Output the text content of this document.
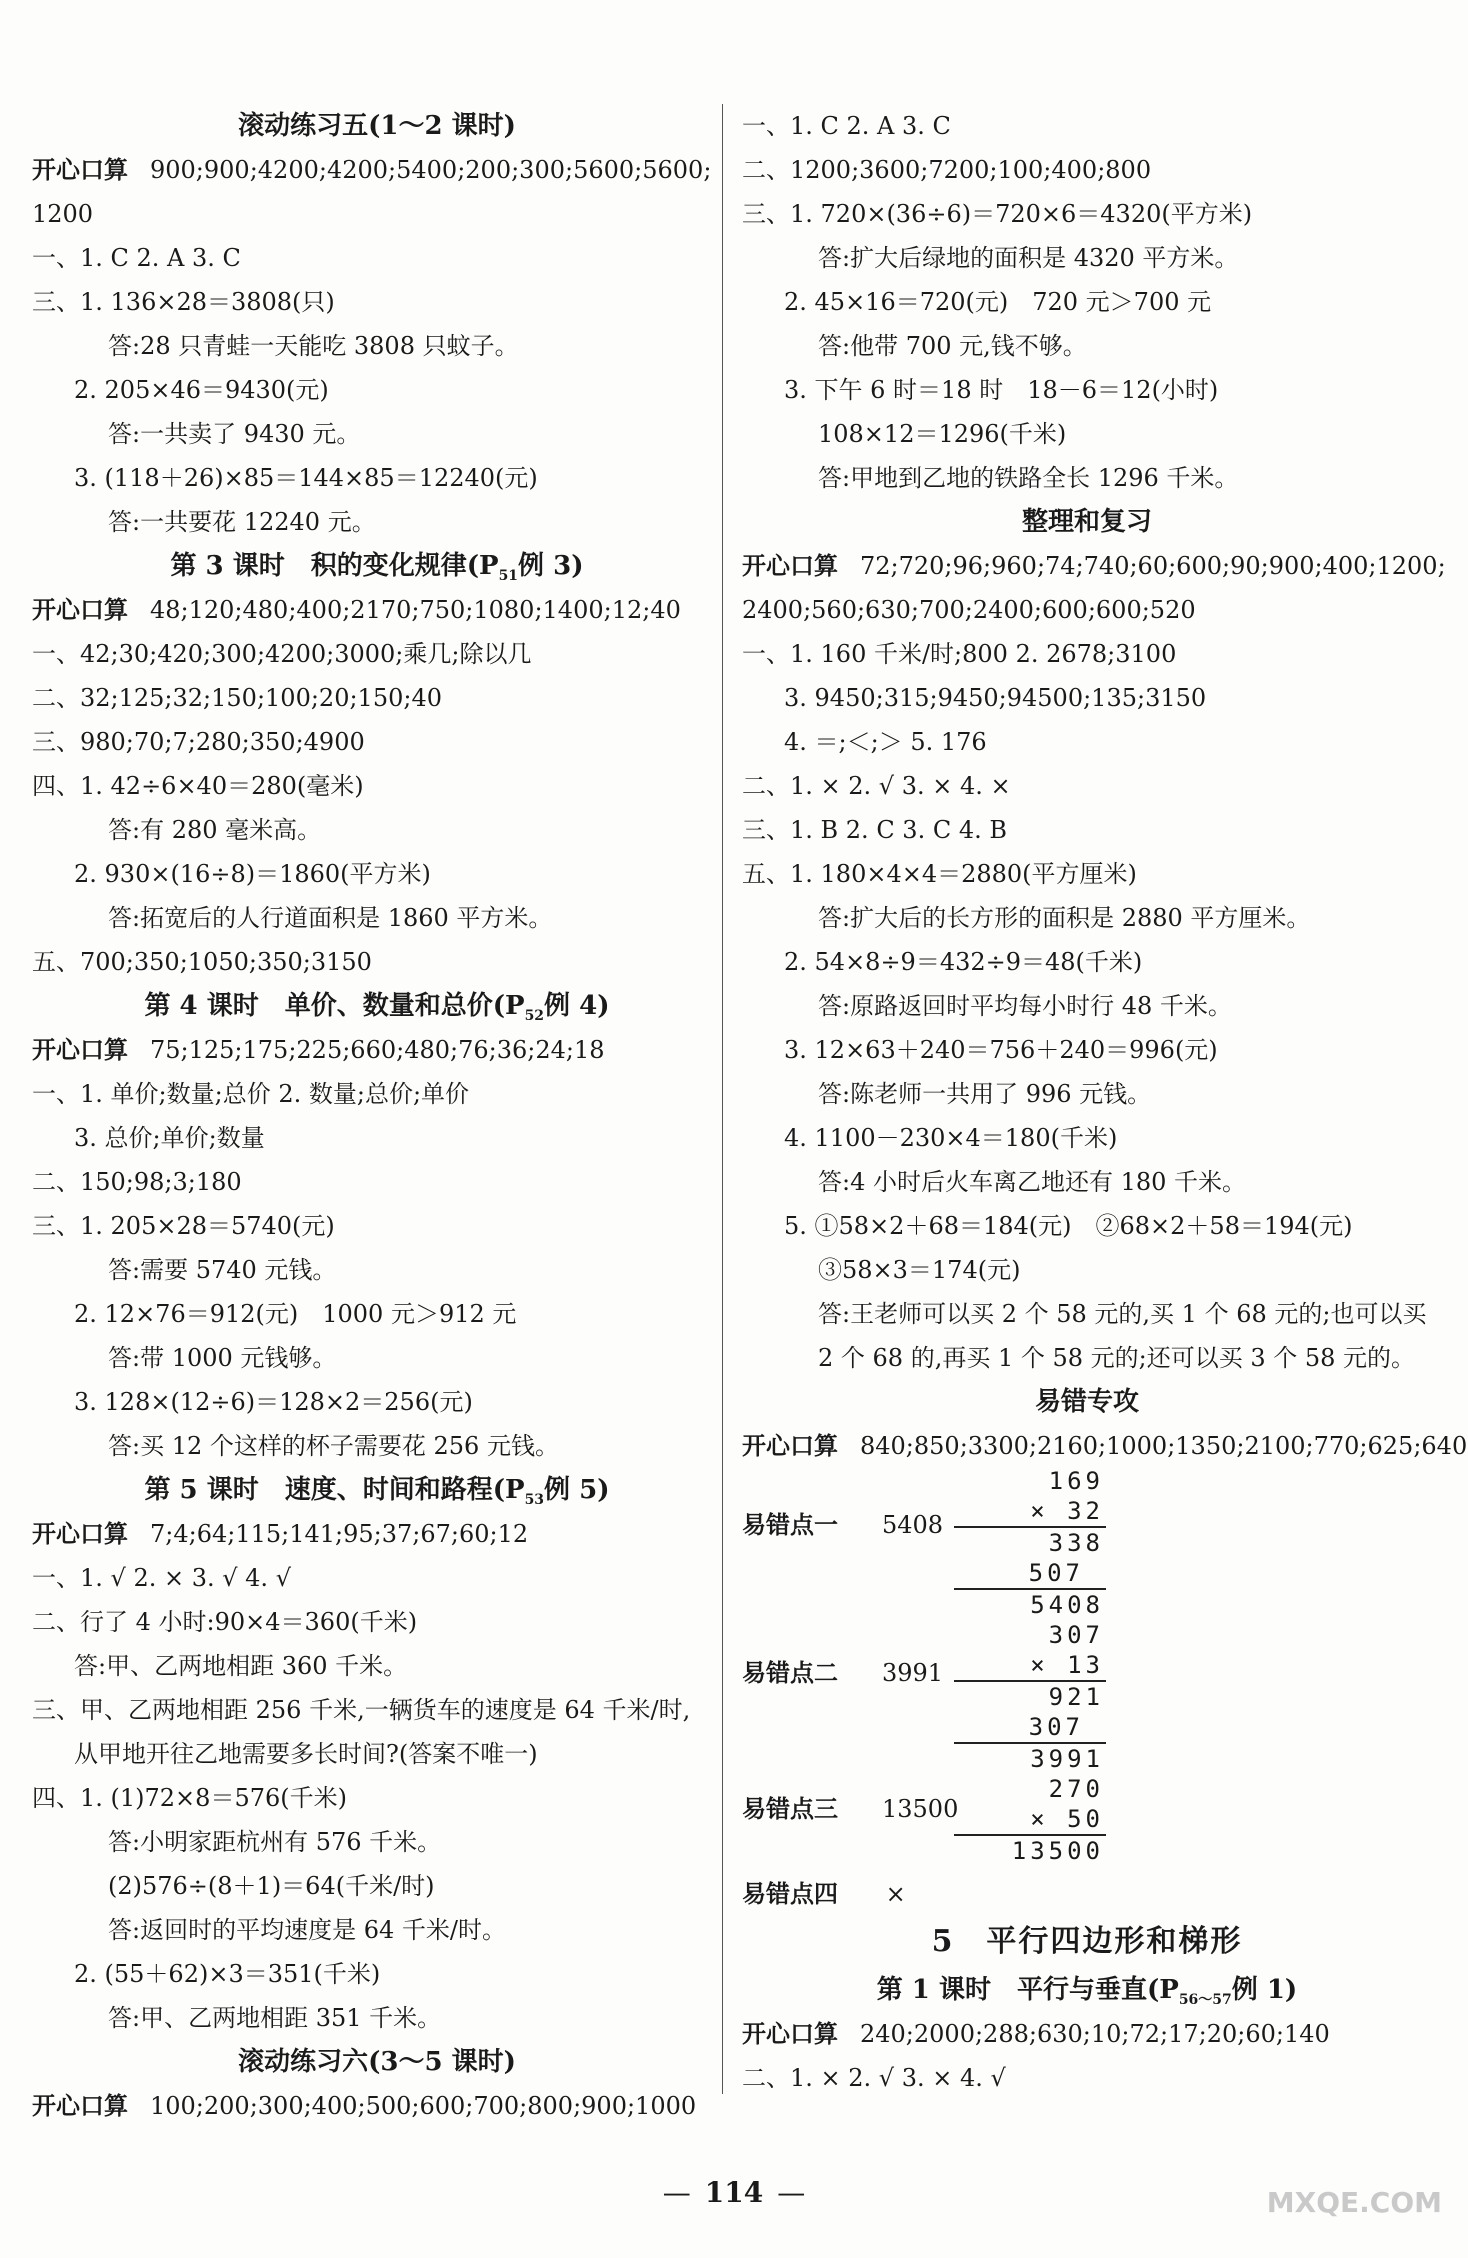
滚动练习五(1～2 课时)
开心口算 900;900;4200;4200;5400;200;300;5600;5600;
1200
一、1. C 2. A 3. C
三、1. 136×28＝3808(只)
答:28 只青蛙一天能吃 3808 只蚊子。
2. 205×46＝9430(元)
答:一共卖了 9430 元。
3. (118＋26)×85＝144×85＝12240(元)
答:一共要花 12240 元。
第 3 课时　积的变化规律($P_{51}$例 3)
开心口算 48;120;480;400;2170;750;1080;1400;12;40
一、42;30;420;300;4200;3000;乘几;除以几
二、32;125;32;150;100;20;150;40
三、980;70;7;280;350;4900
四、1. 42÷6×40＝280(毫米)
答:有 280 毫米高。
2. 930×(16÷8)＝1860(平方米)
答:拓宽后的人行道面积是 1860 平方米。
五、700;350;1050;350;3150
第 4 课时　单价、数量和总价($P_{52}$例 4)
开心口算 75;125;175;225;660;480;76;36;24;18
一、1. 单价;数量;总价 2. 数量;总价;单价
3. 总价;单价;数量
二、150;98;3;180
三、1. 205×28＝5740(元)
答:需要 5740 元钱。
2. 12×76＝912(元)　1000 元＞912 元
答:带 1000 元钱够。
3. 128×(12÷6)＝128×2＝256(元)
答:买 12 个这样的杯子需要花 256 元钱。
第 5 课时　速度、时间和路程($P_{53}$例 5)
开心口算 7;4;64;115;141;95;37;67;60;12
一、1. √ 2. × 3. √ 4. √
二、行了 4 小时:90×4＝360(千米)
答:甲、乙两地相距 360 千米。
三、甲、乙两地相距 256 千米,一辆货车的速度是 64 千米/时,
从甲地开往乙地需要多长时间?(答案不唯一)
四、1. (1)72×8＝576(千米)
答:小明家距杭州有 576 千米。
(2)576÷(8＋1)＝64(千米/时)
答:返回时的平均速度是 64 千米/时。
2. (55＋62)×3＝351(千米)
答:甲、乙两地相距 351 千米。
滚动练习六(3～5 课时)
开心口算 100;200;300;400;500;600;700;800;900;1000
一、1. C 2. A 3. C
二、1200;3600;7200;100;400;800
三、1. 720×(36÷6)＝720×6＝4320(平方米)
答:扩大后绿地的面积是 4320 平方米。
2. 45×16＝720(元)　720 元＞700 元
答:他带 700 元,钱不够。
3. 下午 6 时＝18 时　18－6＝12(小时)
108×12＝1296(千米)
答:甲地到乙地的铁路全长 1296 千米。
整理和复习
开心口算 72;720;96;960;74;740;60;600;90;900;400;1200;
2400;560;630;700;2400;600;600;520
一、1. 160 千米/时;800 2. 2678;3100
3. 9450;315;9450;94500;135;3150
4. ＝;＜;＞ 5. 176
二、1. × 2. √ 3. × 4. ×
三、1. B 2. C 3. C 4. B
五、1. 180×4×4＝2880(平方厘米)
答:扩大后的长方形的面积是 2880 平方厘米。
2. 54×8÷9＝432÷9＝48(千米)
答:原路返回时平均每小时行 48 千米。
3. 12×63＋240＝756＋240＝996(元)
答:陈老师一共用了 996 元钱。
4. 1100－230×4＝180(千米)
答:4 小时后火车离乙地还有 180 千米。
5. ①58×2＋68＝184(元)　②68×2＋58＝194(元)
③58×3＝174(元)
答:王老师可以买 2 个 58 元的,买 1 个 68 元的;也可以买
2 个 68 的,再买 1 个 58 元的;还可以买 3 个 58 元的。
易错专攻
开心口算 840;850;3300;2160;1000;1350;2100;770;625;640
易错点一 5408
169
× 32
338
507
5408
易错点二 3991
307
× 13
921
307
3991
易错点三 13500
270
× 50
13500
易错点四 ×
5　平行四边形和梯形
第 1 课时　平行与垂直($P_{56\sim 57}$例 1)
开心口算 240;2000;288;630;10;72;17;20;60;140
二、1. × 2. √ 3. × 4. √
— 114 —	MXQE.COM
